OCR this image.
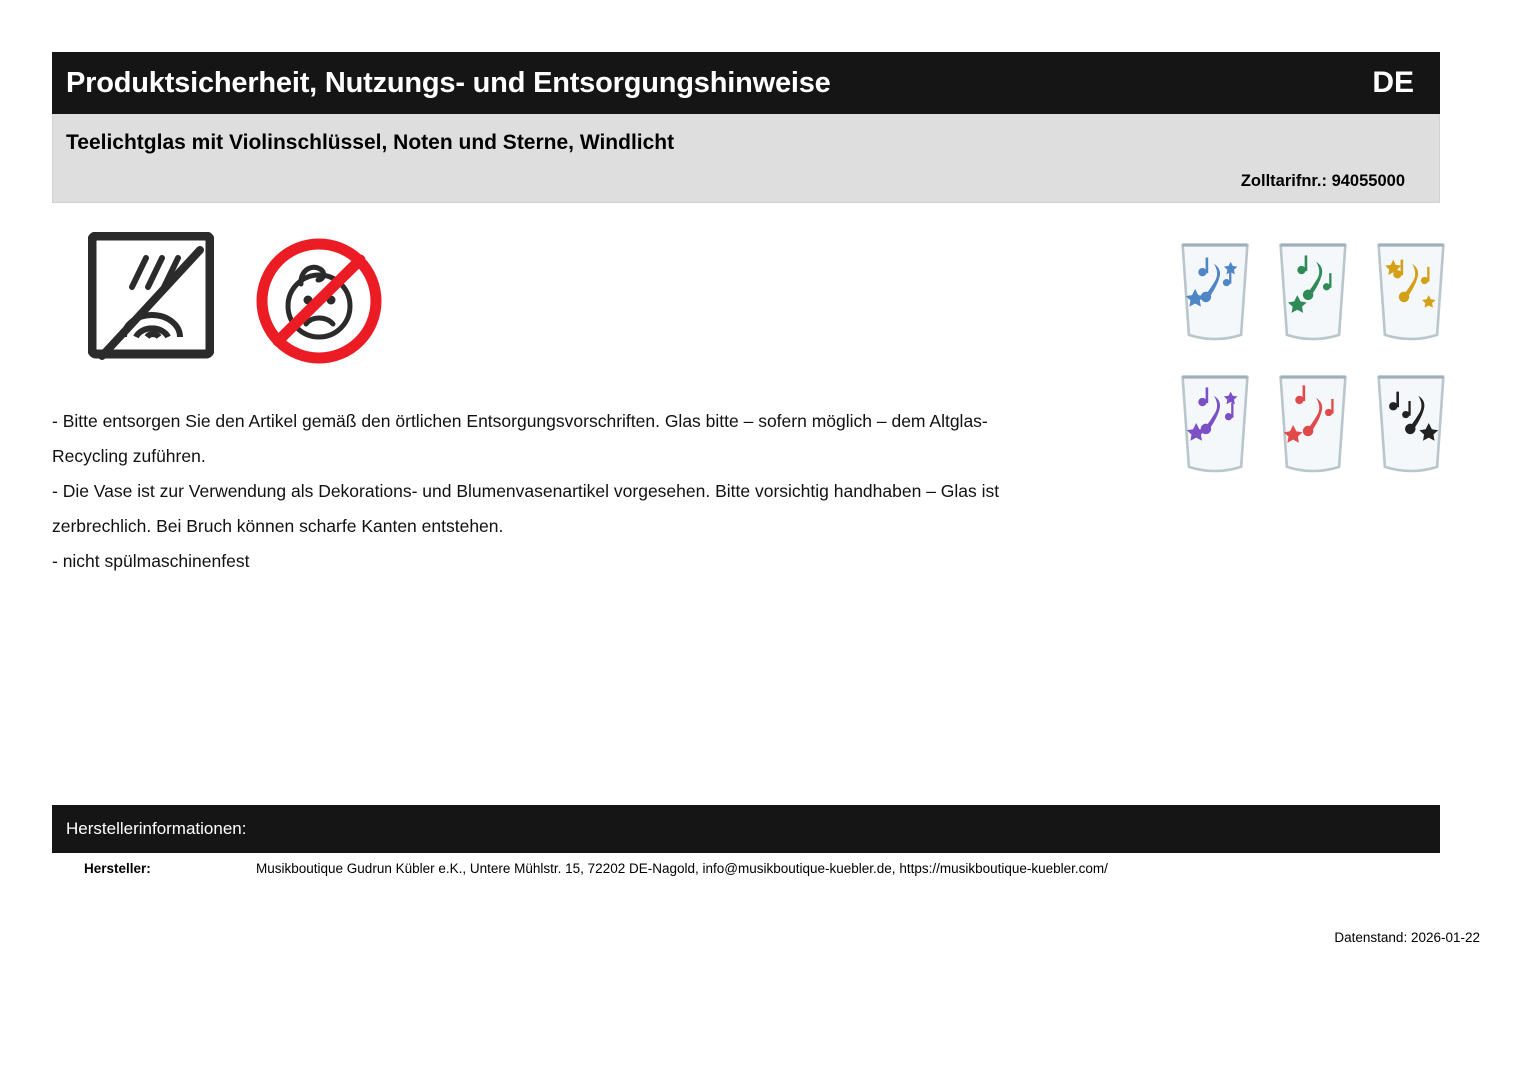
Produktsicherheit, Nutzungs- und Entsorgungshinweise	DE
Teelichtglas mit Violinschlüssel, Noten und Sterne, Windlicht
Zolltarifnr.: 94055000

- Bitte entsorgen Sie den Artikel gemäß den örtlichen Entsorgungsvorschriften. Glas bitte – sofern möglich – dem Altglas-Recycling zuführen.

- Die Vase ist zur Verwendung als Dekorations- und Blumenvasenartikel vorgesehen. Bitte vorsichtig handhaben – Glas ist zerbrechlich. Bei Bruch können scharfe Kanten entstehen.

- nicht spülmaschinenfest

Herstellerinformationen:
Hersteller:	Musikboutique Gudrun Kübler e.K., Untere Mühlstr. 15, 72202 DE-Nagold, info@musikboutique-kuebler.de, https://musikboutique-kuebler.com/
Datenstand: 2026-01-22
